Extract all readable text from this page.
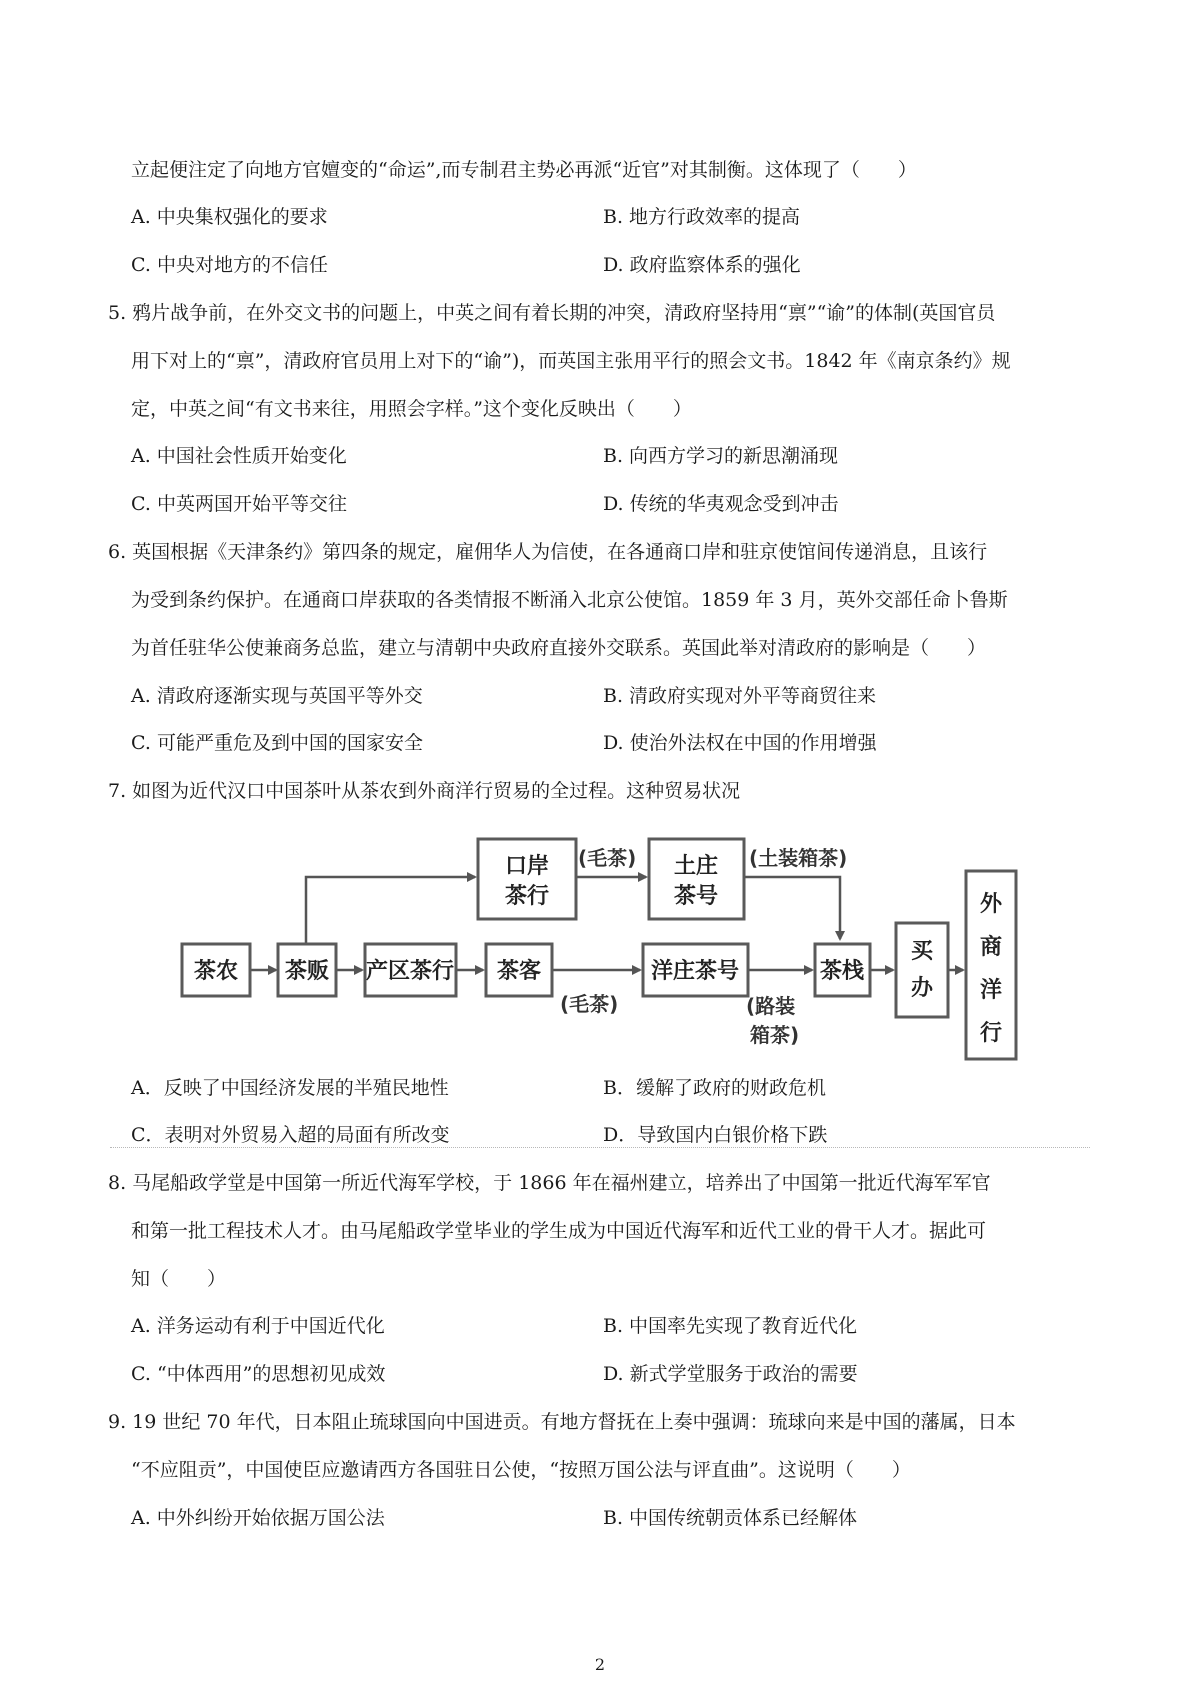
立起便注定了向地方官嬗变的“命运”,而专制君主势必再派“近官”对其制衡。这体现了（　　）
A. 中央集权强化的要求	B. 地方行政效率的提高
C. 中央对地方的不信任	D. 政府监察体系的强化
5. 鸦片战争前，在外交文书的问题上，中英之间有着长期的冲突，清政府坚持用“禀”“谕”的体制(英国官员
用下对上的“禀”，清政府官员用上对下的“谕”)，而英国主张用平行的照会文书。1842 年《南京条约》规
定，中英之间“有文书来往，用照会字样。”这个变化反映出（　　）
A. 中国社会性质开始变化	B. 向西方学习的新思潮涌现
C. 中英两国开始平等交往	D. 传统的华夷观念受到冲击
6. 英国根据《天津条约》第四条的规定，雇佣华人为信使，在各通商口岸和驻京使馆间传递消息，且该行
为受到条约保护。在通商口岸获取的各类情报不断涌入北京公使馆。1859 年 3 月，英外交部任命卜鲁斯
为首任驻华公使兼商务总监，建立与清朝中央政府直接外交联系。英国此举对清政府的影响是（　　）
A. 清政府逐渐实现与英国平等外交	B. 清政府实现对外平等商贸往来
C. 可能严重危及到中国的国家安全	D. 使治外法权在中国的作用增强
7. 如图为近代汉口中国茶叶从茶农到外商洋行贸易的全过程。这种贸易状况
茶农 茶贩 产区茶行 茶客
口岸
茶行
土庄
茶号
洋庄茶号	茶栈
买
办
外
商
洋
行
(毛茶)	(土装箱茶)
(毛茶)	(路装
箱茶)
A．反映了中国经济发展的半殖民地性	B．缓解了政府的财政危机
C．表明对外贸易入超的局面有所改变	D．导致国内白银价格下跌
8. 马尾船政学堂是中国第一所近代海军学校，于 1866 年在福州建立，培养出了中国第一批近代海军军官
和第一批工程技术人才。由马尾船政学堂毕业的学生成为中国近代海军和近代工业的骨干人才。据此可
知（　　）
A. 洋务运动有利于中国近代化	B. 中国率先实现了教育近代化
C. “中体西用”的思想初见成效	D. 新式学堂服务于政治的需要
9. 19 世纪 70 年代，日本阻止琉球国向中国进贡。有地方督抚在上奏中强调：琉球向来是中国的藩属，日本
“不应阻贡”，中国使臣应邀请西方各国驻日公使，“按照万国公法与评直曲”。这说明（　　）
A. 中外纠纷开始依据万国公法	B. 中国传统朝贡体系已经解体
2
